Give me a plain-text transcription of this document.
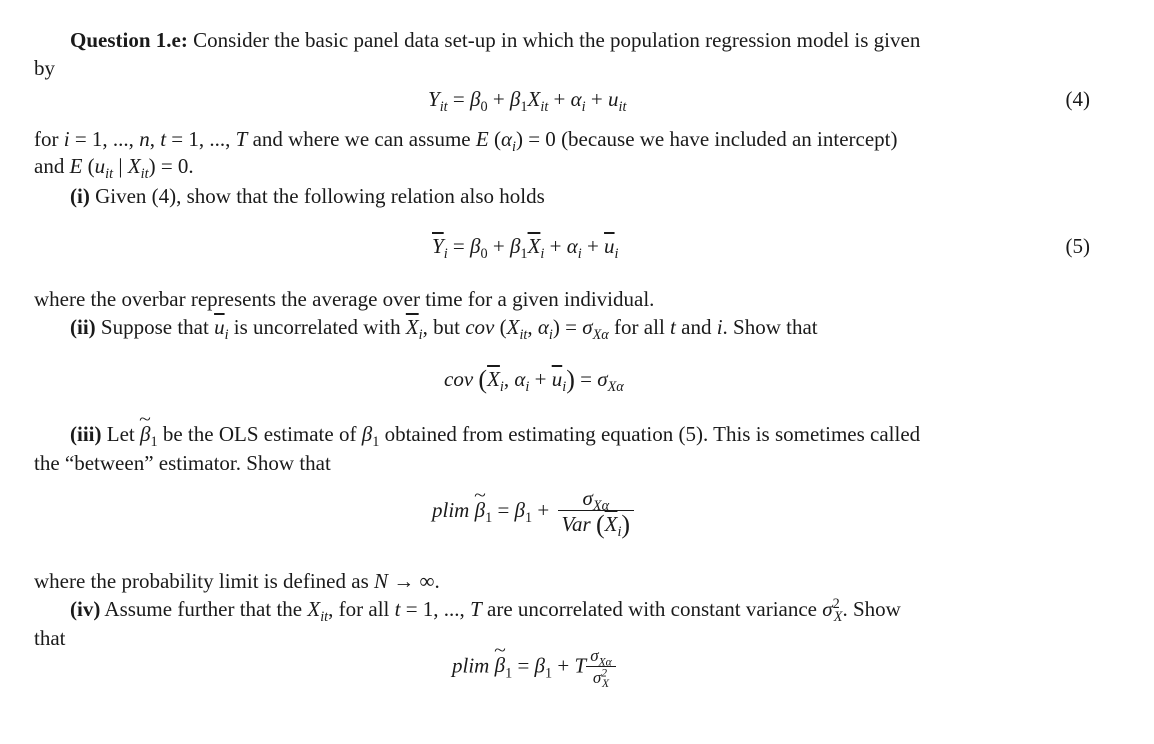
Question 1.e: Consider the basic panel data set-up in which the population regression model is given
by
$Y_{it} = \beta_0 + \beta_1X_{it} + \alpha_i + u_{it}$	(4)
for i = 1, ..., n, t = 1, ..., T and where we can assume E $(\alpha_i) = 0$ (because we have included an intercept)
and E ($u_{it}$ | $X_{it}) = 0$.
(i) Given (4), show that the following relation also holds
$\overline{Y}_i = \beta_0 + \beta_1\overline{X}_i + \alpha_i + \overline{u}_i$	(5)
where the overbar represents the average over time for a given individual.
(ii) Suppose that $\overline{u}_i$ is uncorrelated with $\overline{X}_i$, but cov ($X_{it}$, $\alpha_i) = \sigma_{X\alpha}$ for all t and i. Show that
cov ($\overline{X}_i$, $\alpha_i + \overline{u}_i) = \sigma_{X\alpha}$
(iii) Let ~ $\beta_1$ be the OLS estimate of $\beta_1$ obtained from estimating equation (5). This is sometimes called
the “between” estimator. Show that
plim ~ $\beta_1 = \beta_1 + \frac{\sigma_{X\alpha}}{Var (\overline{X}_i)}$
where the probability limit is defined as N → ∞.
(iv) Assume further that the $X_{it}$, for all t = 1, ..., T are uncorrelated with constant variance $\sigma^2_X$. Show
that
plim ~ $\beta_1 = \beta_1 + T \frac{\sigma_{X\alpha}}{\sigma^2_X}$
